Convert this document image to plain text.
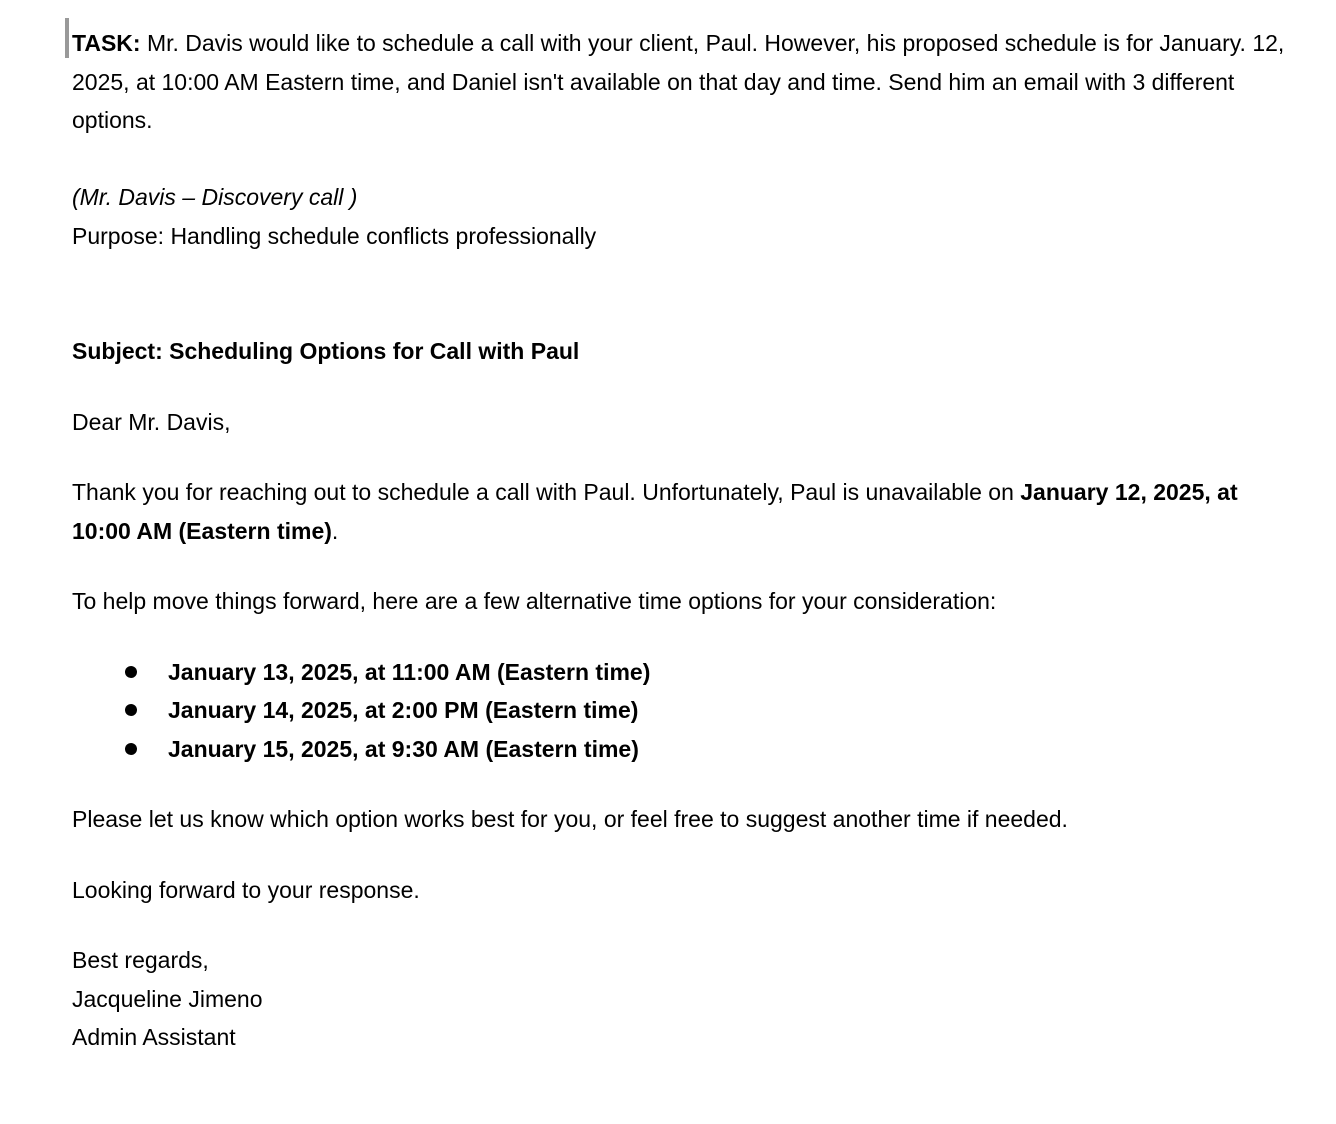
TASK: Mr. Davis would like to schedule a call with your client, Paul. However, his proposed schedule is for January. 12, 2025, at 10:00 AM Eastern time, and Daniel isn't available on that day and time. Send him an email with 3 different options.

(Mr. Davis – Discovery call )

Purpose: Handling schedule conflicts professionally

Subject: Scheduling Options for Call with Paul

Dear Mr. Davis,

Thank you for reaching out to schedule a call with Paul. Unfortunately, Paul is unavailable on January 12, 2025, at 10:00 AM (Eastern time).

To help move things forward, here are a few alternative time options for your consideration:

January 13, 2025, at 11:00 AM (Eastern time)
January 14, 2025, at 2:00 PM (Eastern time)
January 15, 2025, at 9:30 AM (Eastern time)

Please let us know which option works best for you, or feel free to suggest another time if needed.

Looking forward to your response.

Best regards,

Jacqueline Jimeno

Admin Assistant
